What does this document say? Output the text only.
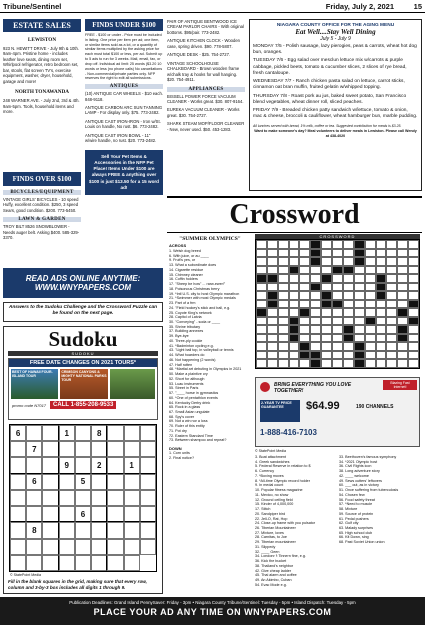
Tribune/Sentinel	Friday, July 2, 2021	15
ESTATE SALES
LEWISTON
923 N. HEWITT DRIVE - July 9th & 10th. 9am-4pm. Pristine home - includes leather love seats, dining room set, Whirlpool refrigerator, retro bedroom set, bar, stools, flat screen TV's, exercise equipment, washer, dryer, household, garage and more!
NORTH TONAWANDA
248 WARNER AVE. - July 2nd, 3rd & 4th. 9am-5pm. Tools, household items and more.
FINDS OVER $100
BICYCLES/EQUIPMENT
VINTAGE GIRLS' BICYCLES - 10 speed Huffy, excellent condition. $250, 3 speed Sears, good condition. $200. 773-5450.
LAWN & GARDEN
TROY BILT 8526 SNOWBLOWER - Needs auger belt. Asking $400. 585-329-3370.
FINDS UNDER $100
FREE - $100 or under - Price must be included in listing. One price per item per ad; one item, or similar items sold as a lot, or a quantity of similar items multiplied by the asking price for each must total $100 or less, per ad. Submit up to 5 ads to run for 3 weeks. Mail, email, fax, or drop off. Individual ad limit: 25 words ($3.20 10 words or less (no phone calls) No cancellations - Non-commercial/private parties only. NFP reserves the right to edit all submissions.
ANTIQUES
(10) ANTIQUE CAR WHEELS - $10 each. 848-9118.
ANTIQUE CARBON ARC SUN TANNING LAMP - For display only. $75. 773-2482.
ANTIQUE CAST IRON-IRON - Iron w/St. Louis on handle, No rust. $6. 773-2482.
ANTIQUE CAST IRON BOWL - 11" w/wire handle, no rust. $20. 773-2482.
Sell Your Pet Items & Accessories in the NFP Pet Place! Items Under $100 are always FREE & anything over $100 is just $13.50 for a 15 word ad!
PAIR OF ANTIQUE BENTWOOD ICE CREAM PARLOR CHAIRS - With original bottoms. $95/pair. 773-2482.
ANTIQUE KITCHEN CLOCK - Wooden case, spring driven. $90. 778-5807.
ANTIQUE DESK - $25. 754-2727.
VINTAGE SCHOOLHOUSE CHALKBOARD - Brown wooden frame w/chalk tray & hooks for wall hanging. $20. 754-4911.
APPLIANCES
BISSELL POWER FORCE VACUUM CLEANER - Works great. $30. 807-9164.
EUREKA VACUUM CLEANER - Works great. $30. 754-2727.
SHARK STEAM MOP/FLOOR CLEANER - New, never used. $50. 453-1283.
NIAGARA COUNTY OFFICE FOR THE AGING MENU
Eat Well....Stay Well Dining
July 5 - July 9
MONDAY 7/5 - Polish sausage, lazy pierogies, peas & carrots, wheat hot dog bun, oranges.
TUESDAY 7/6 - Egg salad over mesclun lettuce mix w/carrots & purple cabbage, pickled beets, tomato & cucumber slices, 2 slices of rye bread, fresh cantaloupe.
WEDNESDAY 7/7 - Ranch chicken pasta salad on lettuce, carrot sticks, cinnamon oat bran muffin, fruited gelatin w/whipped topping.
THURSDAY 7/8 - Roast pork au jus, baked sweet potato, San Francisco blend vegetables, wheat dinner roll, sliced peaches.
FRIDAY 7/9 - Breaded chicken patty sandwich w/lettuce, tomato & onion, mac & cheese, broccoli & cauliflower, wheat hamburger bun, marble pudding.
All lunches served with bread, 1% milk, coffee or tea. Suggested contribution for meals is $3.25.
Want to make someone's day? Meal volunteers to deliver meals in Lewiston. Please call Wendy at 438-4020
READ ADS ONLINE ANYTIME:
WWW.WNYPAPERS.COM
Answers to the Sudoku Challenge and the Crossword Puzzle can be found on the next page.
Sudoku
SUDOKU
FREE DATE CHANGES ON 2021 TOURS*
BEST OF HAWAII FOUR-ISLAND TOUR
CRIMSON CANYONS & MIGHTY NATIONAL PARKS TOUR
promo code N7017	CALL 1-855-208-9533
6	1	8
7
9	2	1
6	5
6
8
© StatePoint Media
Fill in the blank squares in the grid, making sure that every row, column and 3-by-3 box includes all digits 1 through 9.
Crossword
"SUMMER OLYMPICS"
ACROSS
1. Welsh dog breed
6. With juice, or au ____
9. Fruit's yes, or
13. What a subordinate does
14. Cigarette residue
15. Chimney cleaner
16. Coffin holders
17. "Sheep be how" ... rarw-ewer!"
18. Poisonous Christmas berry
19. *Intl U.S. city to host Olympic marathon
21. *Swimmer with most Olympic medals
23. Part of a frm
24. "Field hockey's stick and ball, e.g.
25. Coyote King's network
28. Capitol of Latvia
30. "Conveying" - soda or ____
35. Shrine tributary
37. Building annexes
39. Bye-bye
40. Three-ply cookie
41. *Badminton cycling e.g.
43. "Light ball top, in volleyball or tennis
44. What hoarders do
46. Not happening (2 words)
47. Half rotten
48. *Martial art debuting in Olympics in 2021
50. Make a plaintive cry
52. Short for although
53. Luau instruments
55. Street in Paris
57. "____ horse in gymnastics
60. *One of pentathlon events
64. Kentucky Derby drink
65. Rock in a glass
67. Small Asian ungulate
68. Spy's cover
69. Not a win nor a loss
70. Ruler of this entity
71. Pot dry
72. Eastern Standard Time
73. Between shampoo and repeat?
DOWN
1. Corn units
2. Final notice?
CROSSWORD
Blazing Fast Internet!
BRING EVERYTHING YOU LOVE TOGETHER!
2-YEAR TV PRICE GUARANTEE	$64.99	190 CHANNELS
1-888-416-7103
© StatePoint Media
3. Boat attachment
4. Greek sandwiches
5. Federal Reserve in relation to $
6. Currency
7. *Boxing moves
8. *All-time Olympic record holder
9. In medal count
10. Popular fitness magazine
11. Mexico, no show
12. Ground ceiling field
15. Kinder of 4,000,000
17. Stitch
20. Sandpiper bird
22. Jell-O, Rat, Hop
24. Close-up frame with you pulsator
26. Tiberian Mountaineer
27. Mixture, loves
28. Carnitas, to Joe
29. Tiberian mountaineer
31. Slippedy
32. ____ Geen
34. Londonr 't Tinnern fine, e.g.
36. Kick the bucket
38. Thailand's neighbor
42. Give cheap ladder
45. Thai alarm and coffee
49. An Akimbo, Cuban
54. Evac Mode e.g.
33. Beethoven's famous symphony
34. *2021 Olympic host
36. Civil Rights icon
38. Long adventure story
42. ____ welcome
49. Sews cutters' leftovers
60. ___ out, as in victory
51. Once suffering from tuberculosis
54. Chosen few
56. Food safety threat
57. *Need to muscle
58. Mixture
59. Source of protein
61. Pedal pushers
62. Gulf city
63. Malady surprises
65. High school club
66. Kit Down, sing
68. Past Soviet Union union
Publication Deadlines: Grand Island PennySaver: Friday - 3pm • Niagara County Tribune/Sentinel: Tuesday - 5pm • Island Dispatch: Tuesday - 5pm
PLACE YOUR AD ANY TIME ON WNYPAPERS.COM
